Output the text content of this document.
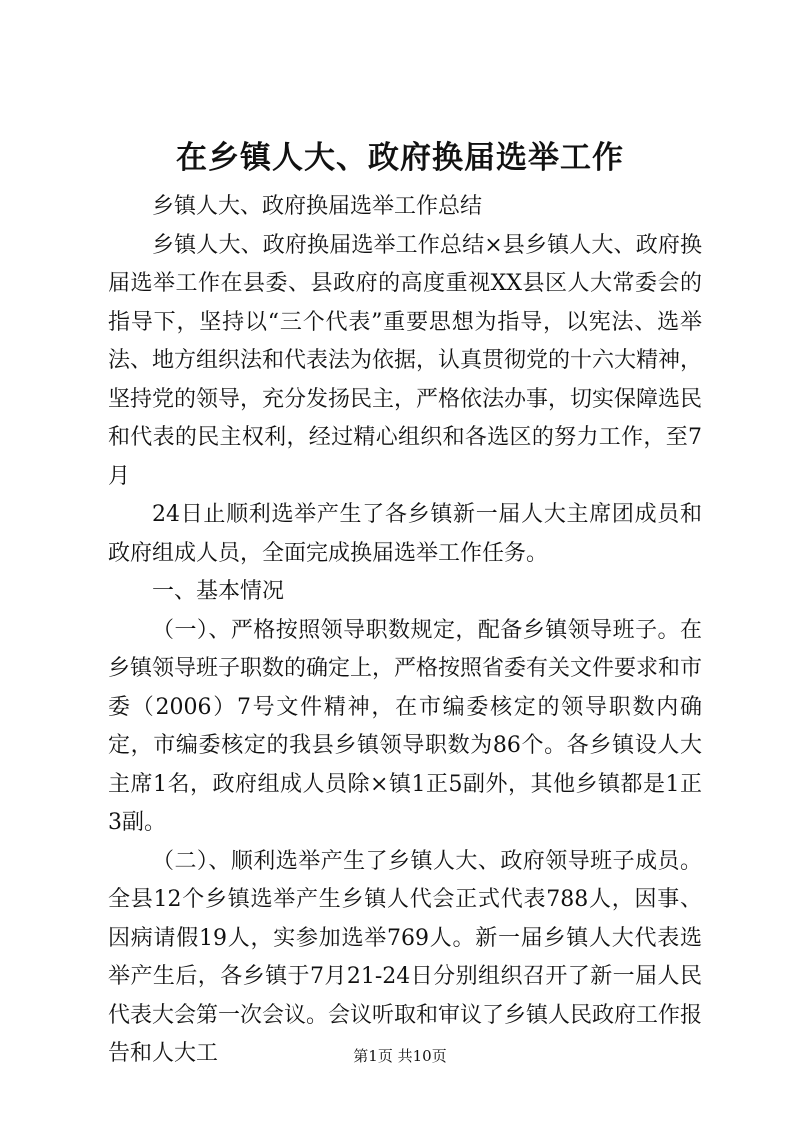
在乡镇人大、政府换届选举工作

乡镇人大、政府换届选举工作总结

乡镇人大、政府换届选举工作总结×县乡镇人大、政府换届选举工作在县委、县政府的高度重视XX县区人大常委会的指导下，坚持以“三个代表”重要思想为指导，以宪法、选举法、地方组织法和代表法为依据，认真贯彻党的十六大精神，坚持党的领导，充分发扬民主，严格依法办事，切实保障选民和代表的民主权利，经过精心组织和各选区的努力工作，至7月

24日止顺利选举产生了各乡镇新一届人大主席团成员和政府组成人员，全面完成换届选举工作任务。

一、基本情况

（一）、严格按照领导职数规定，配备乡镇领导班子。在乡镇领导班子职数的确定上，严格按照省委有关文件要求和市委（2006）7号文件精神，在市编委核定的领导职数内确定，市编委核定的我县乡镇领导职数为86个。各乡镇设人大主席1名，政府组成人员除×镇1正5副外，其他乡镇都是1正3副。

（二）、顺利选举产生了乡镇人大、政府领导班子成员。全县12个乡镇选举产生乡镇人代会正式代表788人，因事、因病请假19人，实参加选举769人。新一届乡镇人大代表选举产生后，各乡镇于7月21-24日分别组织召开了新一届人民代表大会第一次会议。会议听取和审议了乡镇人民政府工作报告和人大工	第1页 共10页
